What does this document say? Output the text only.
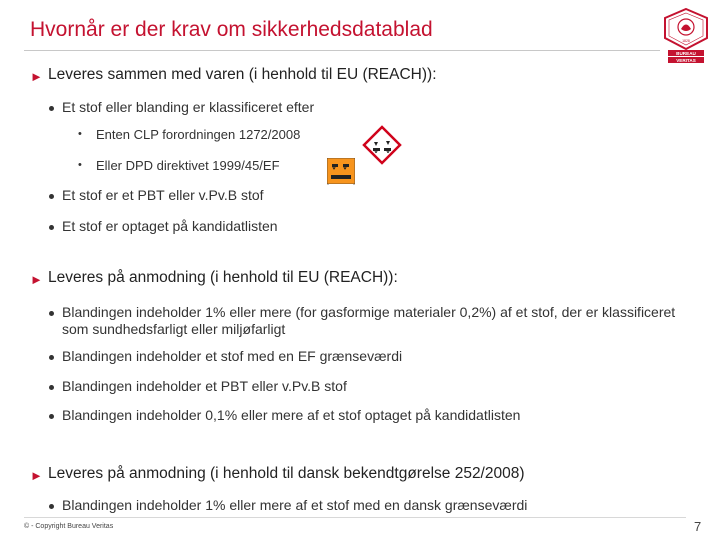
Hvornår er der krav om sikkerhedsdatablad
BUREAU
VERITAS
1828
► Leveres sammen med varen (i henhold til EU (REACH)):
Et stof eller blanding er klassificeret efter
• Enten CLP forordningen 1272/2008
• Eller DPD direktivet 1999/45/EF
Et stof er et PBT eller v.Pv.B stof
Et stof er optaget på kandidatlisten
► Leveres på anmodning (i henhold til EU (REACH)):
Blandingen indeholder 1% eller mere (for gasformige materialer 0,2%) af et stof, der er klassificeret som sundhedsfarligt eller miljøfarligt
Blandingen indeholder et stof med en EF grænseværdi
Blandingen indeholder et PBT eller v.Pv.B stof
Blandingen indeholder 0,1% eller mere af et stof optaget på kandidatlisten
► Leveres på anmodning (i henhold til dansk bekendtgørelse 252/2008)
Blandingen indeholder 1% eller mere af et stof med en dansk grænseværdi
© - Copyright Bureau Veritas	7
